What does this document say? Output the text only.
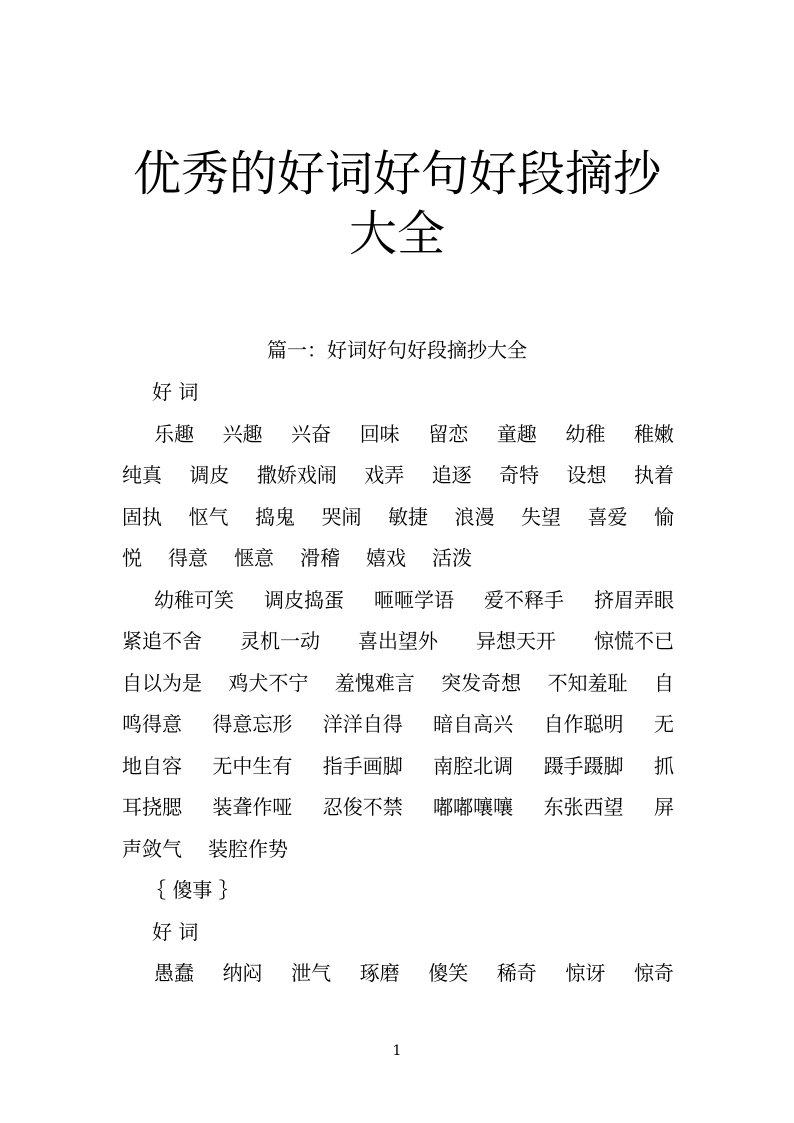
优秀的好词好句好段摘抄
大全
篇一：好词好句好段摘抄大全
好 词
乐趣 兴趣 兴奋 回味 留恋 童趣 幼稚 稚嫩
纯真 调皮 撒娇戏闹 戏弄 追逐 奇特 设想 执着
固执 怄气 捣鬼 哭闹 敏捷 浪漫 失望 喜爱 愉
悦 得意 惬意 滑稽 嬉戏 活泼
幼稚可笑 调皮捣蛋 咂咂学语 爱不释手 挤眉弄眼
紧追不舍 灵机一动 喜出望外 异想天开 惊慌不已
自以为是 鸡犬不宁 羞愧难言 突发奇想 不知羞耻 自
鸣得意 得意忘形 洋洋自得 暗自高兴 自作聪明 无
地自容 无中生有 指手画脚 南腔北调 蹑手蹑脚 抓
耳挠腮 装聋作哑 忍俊不禁 嘟嘟嚷嚷 东张西望 屏
声敛气 装腔作势
｛ 傻事 ｝
好 词
愚蠢 纳闷 泄气 琢磨 傻笑 稀奇 惊讶 惊奇
1
